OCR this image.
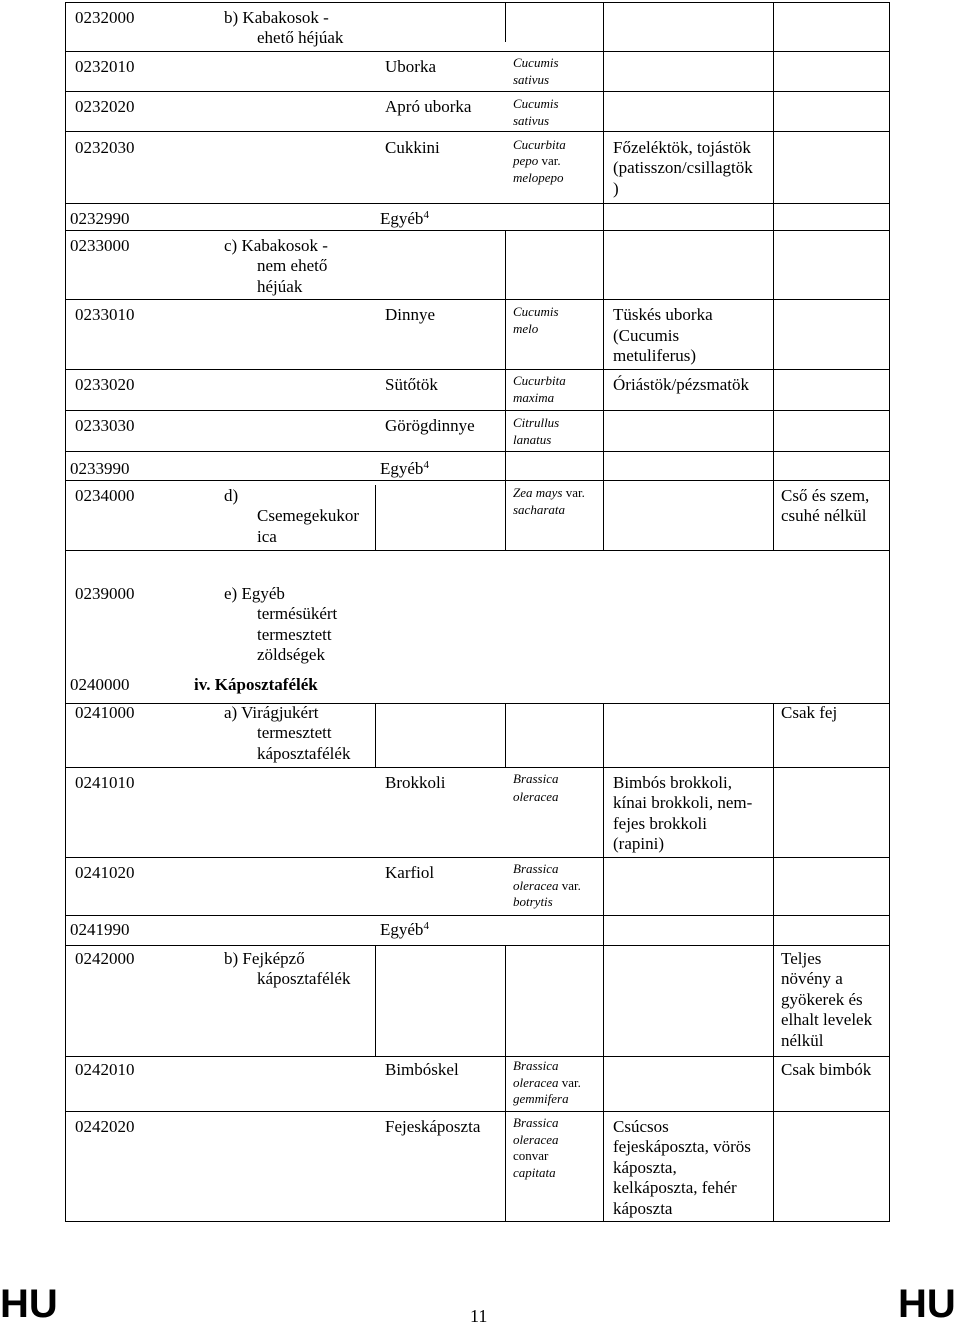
0232000
0232010
0232020
0232030
0232990
0233000
0233010
0233020
0233030
0233990
0234000
0239000
0240000
0241000
0241010
0241020
0241990
0242000
0242010
0242020
b) Kabakosok -
ehető héjúak
c) Kabakosok -
nem ehető
héjúak
d)
Csemegekukor
ica
e) Egyéb
termésükért
termesztett
zöldségek
iv. Káposztafélék
a) Virágjukért
termesztett
káposztafélék
b) Fejképző
káposztafélék
Uborka
Apró uborka
Cukkini
Egyéb$^4$
Dinnye
Sütőtök
Görögdinnye
Egyéb$^4$
Brokkoli
Karfiol
Egyéb$^4$
Bimbóskel
Fejeskáposzta
Cucumis
sativus
Cucumis
sativus
Cucurbita
pepo var.
melopepo
Cucumis
melo
Cucurbita
maxima
Citrullus
lanatus
Zea mays var.
sacharata
Brassica
oleracea
Brassica
oleracea var.
botrytis
Brassica
oleracea var.
gemmifera
Brassica
oleracea
convar
capitata
Főzeléktök, tojástök
(patisszon/csillagtök
)
Tüskés uborka
(Cucumis
metuliferus)
Óriástök/pézsmatök
Bimbós brokkoli,
kínai brokkoli, nem-
fejes brokkoli
(rapini)
Csúcsos
fejeskáposzta, vörös
káposzta,
kelkáposzta, fehér
káposzta
Cső és szem,
csuhé nélkül
Csak fej
Teljes
növény a
gyökerek és
elhalt levelek
nélkül
Csak bimbók
HU	11	HU
